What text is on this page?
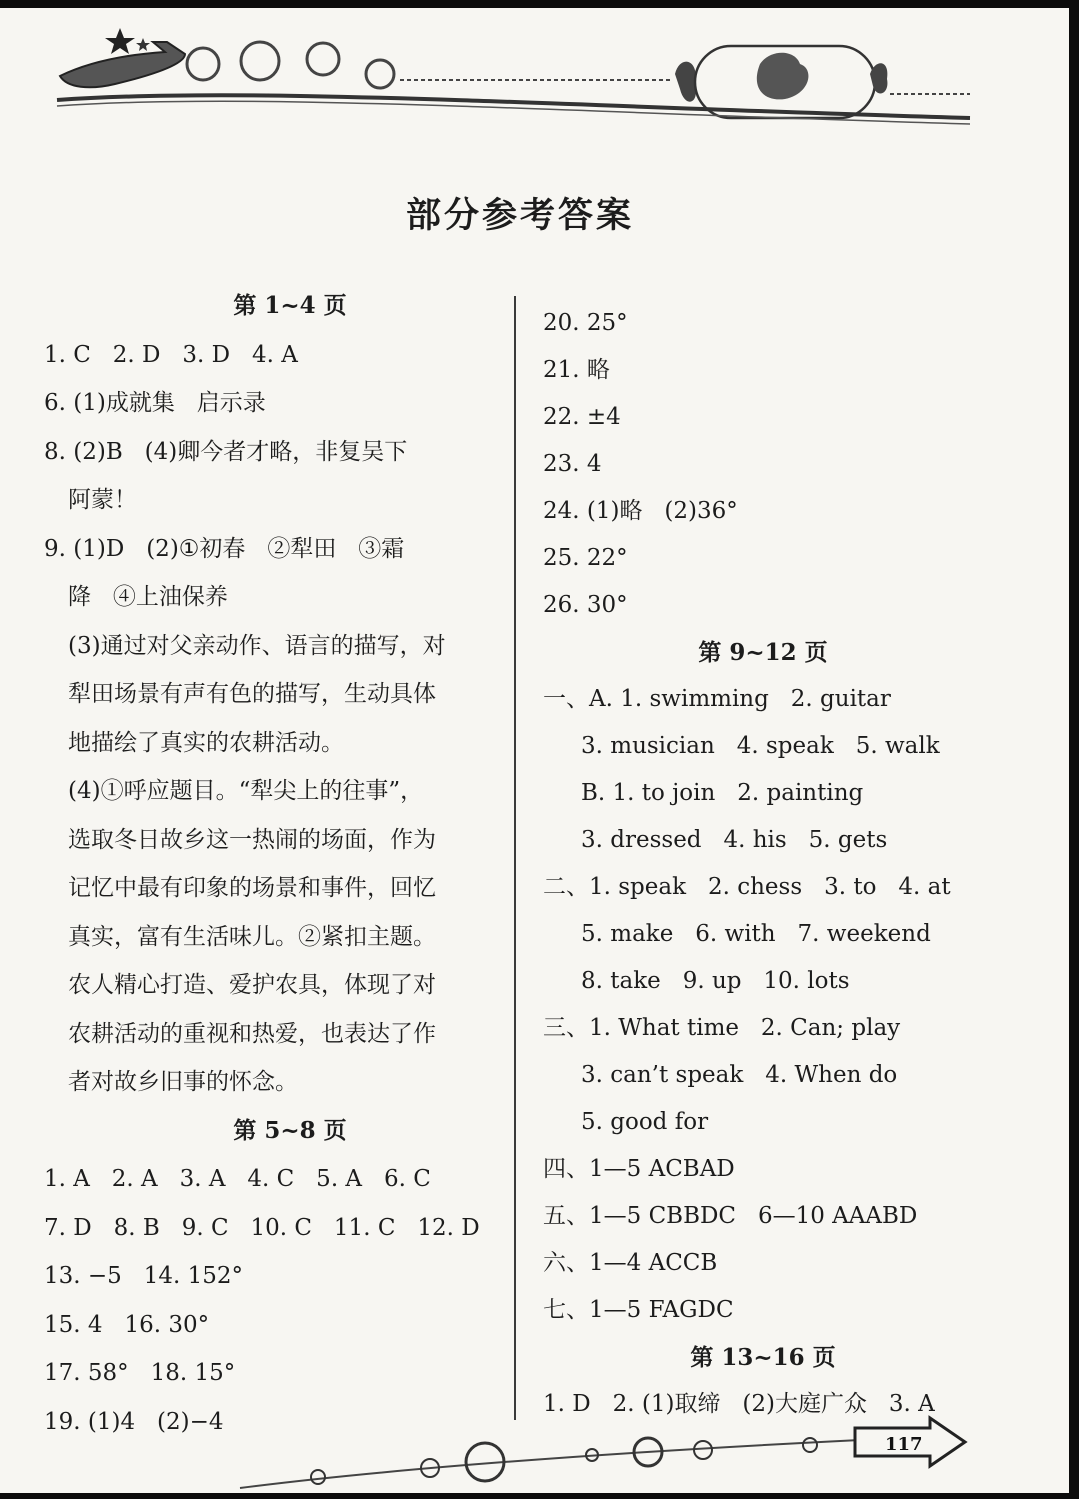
部分参考答案
第 1~4 页
1. C   2. D   3. D   4. A
6. (1)成就集   启示录
8. (2)B   (4)卿今者才略，非复吴下
阿蒙！
9. (1)D   (2)①初春   ②犁田   ③霜
降   ④上油保养
(3)通过对父亲动作、语言的描写，对
犁田场景有声有色的描写，生动具体
地描绘了真实的农耕活动。
(4)①呼应题目。“犁尖上的往事”，
选取冬日故乡这一热闹的场面，作为
记忆中最有印象的场景和事件，回忆
真实，富有生活味儿。②紧扣主题。
农人精心打造、爱护农具，体现了对
农耕活动的重视和热爱，也表达了作
者对故乡旧事的怀念。
第 5~8 页
1. A   2. A   3. A   4. C   5. A   6. C
7. D   8. B   9. C   10. C   11. C   12. D
13. −5   14. 152°
15. 4   16. 30°
17. 58°   18. 15°
19. (1)4   (2)−4
20. 25°
21. 略
22. ±4
23. 4
24. (1)略   (2)36°
25. 22°
26. 30°
第 9~12 页
一、A. 1. swimming   2. guitar
3. musician   4. speak   5. walk
B. 1. to join   2. painting
3. dressed   4. his   5. gets
二、1. speak   2. chess   3. to   4. at
5. make   6. with   7. weekend
8. take   9. up   10. lots
三、1. What time   2. Can; play
3. can’t speak   4. When do
5. good for
四、1—5 ACBAD
五、1—5 CBBDC   6—10 AAABD
六、1—4 ACCB
七、1—5 FAGDC
第 13~16 页
1. D   2. (1)取缔   (2)大庭广众   3. A
117
